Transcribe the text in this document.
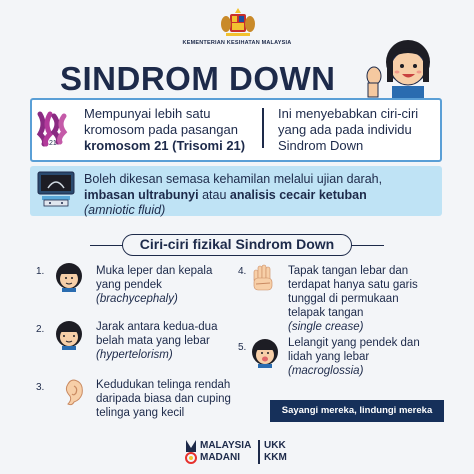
KEMENTERIAN KESIHATAN MALAYSIA
SINDROM DOWN
21
Mempunyai lebih satu
kromosom pada pasangan
kromosom 21 (Trisomi 21)
Ini menyebabkan ciri-ciri yang ada pada individu Sindrom Down
Boleh dikesan semasa kehamilan melalui ujian darah, imbasan ultrabunyi atau analisis cecair ketuban
(amniotic fluid)
Ciri-ciri fizikal Sindrom Down
1.	Muka leper dan kepala yang pendek
(brachycephaly)
2.	Jarak antara kedua-dua belah mata yang lebar
(hypertelorism)
3.	Kedudukan telinga rendah daripada biasa dan cuping telinga yang kecil
4.	Tapak tangan lebar dan terdapat hanya satu garis tunggal di permukaan telapak tangan
(single crease)
5.	Lelangit yang pendek dan lidah yang lebar
(macroglossia)
Sayangi mereka, lindungi mereka
MALAYSIA
MADANI
UKK
KKM
